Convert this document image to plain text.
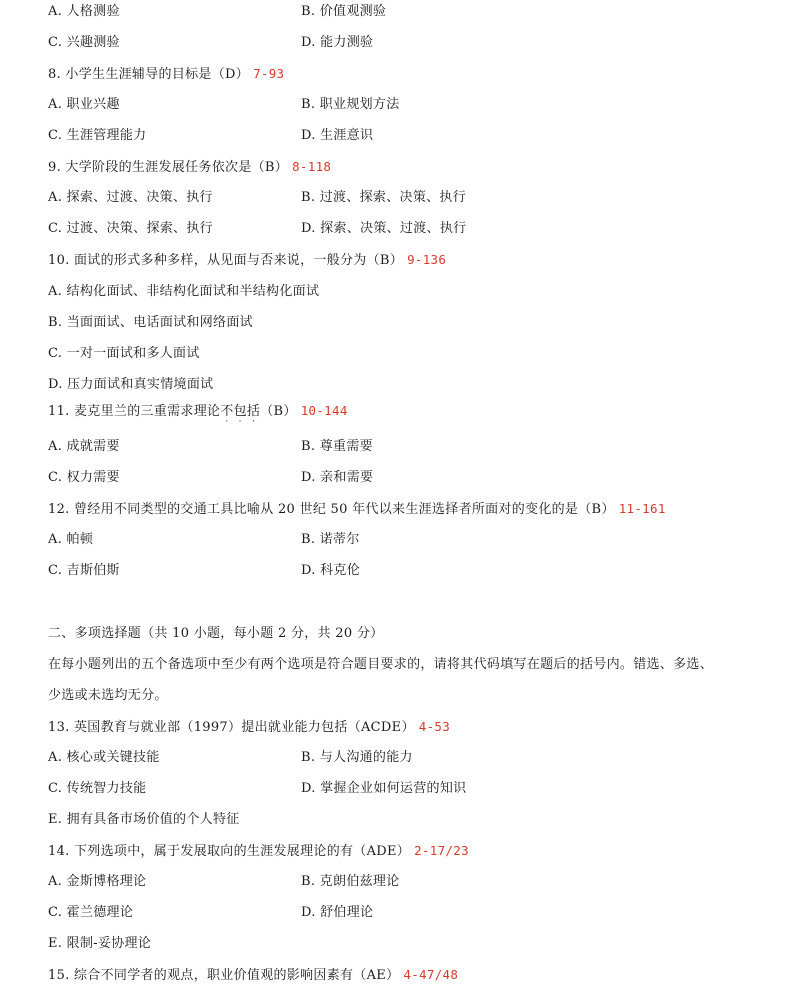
A. 人格测验	B. 价值观测验
C. 兴趣测验	D. 能力测验
8. 小学生生涯辅导的目标是（D） 7-93
A. 职业兴趣	B. 职业规划方法
C. 生涯管理能力	D. 生涯意识
9. 大学阶段的生涯发展任务依次是（B） 8-118
A. 探索、过渡、决策、执行	B. 过渡、探索、决策、执行
C. 过渡、决策、探索、执行	D. 探索、决策、过渡、执行
10. 面试的形式多种多样，从见面与否来说，一般分为（B） 9-136
A. 结构化面试、非结构化面试和半结构化面试
B. 当面面试、电话面试和网络面试
C. 一对一面试和多人面试
D. 压力面试和真实情境面试
11. 麦克里兰的三重需求理论不包括
· · ·
（B） 10-144
A. 成就需要	B. 尊重需要
C. 权力需要	D. 亲和需要
12. 曾经用不同类型的交通工具比喻从 20 世纪 50 年代以来生涯选择者所面对的变化的是（B） 11-161
A. 帕顿	B. 诺蒂尔
C. 吉斯伯斯	D. 科克伦
二、多项选择题（共 10 小题，每小题 2 分，共 20 分）
在每小题列出的五个备选项中至少有两个选项是符合题目要求的，请将其代码填写在题后的括号内。错选、多选、
少选或未选均无分。
13. 英国教育与就业部（1997）提出就业能力包括（ACDE） 4-53
A. 核心或关键技能	B. 与人沟通的能力
C. 传统智力技能	D. 掌握企业如何运营的知识
E. 拥有具备市场价值的个人特征
14. 下列选项中，属于发展取向的生涯发展理论的有（ADE） 2-17/23
A. 金斯博格理论	B. 克朗伯兹理论
C. 霍兰德理论	D. 舒伯理论
E. 限制-妥协理论
15. 综合不同学者的观点，职业价值观的影响因素有（AE） 4-47/48
